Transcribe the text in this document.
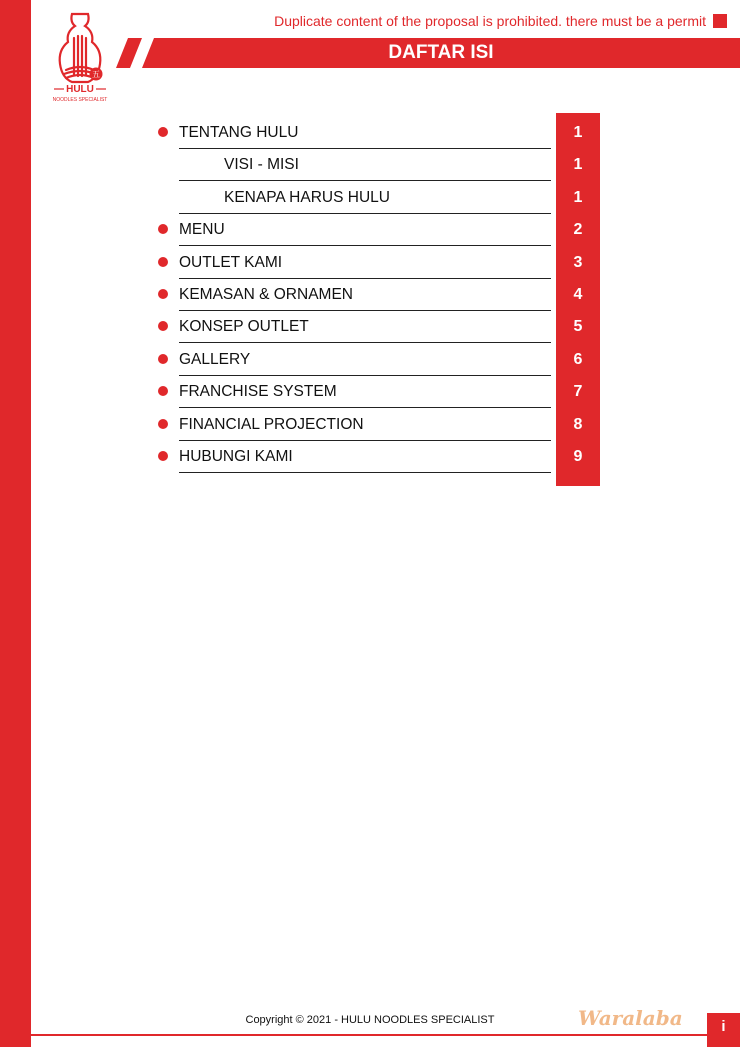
五
HULU
NOODLES SPECIALIST
Duplicate content of the proposal is prohibited. there must be a permit
DAFTAR ISI
TENTANG HULU	1
VISI - MISI	1
KENAPA HARUS HULU	1
MENU	2
OUTLET KAMI	3
KEMASAN & ORNAMEN	4
KONSEP OUTLET	5
GALLERY	6
FRANCHISE SYSTEM	7
FINANCIAL PROJECTION	8
HUBUNGI KAMI	9
Copyright © 2021 - HULU NOODLES SPECIALIST	Waralaba	i
